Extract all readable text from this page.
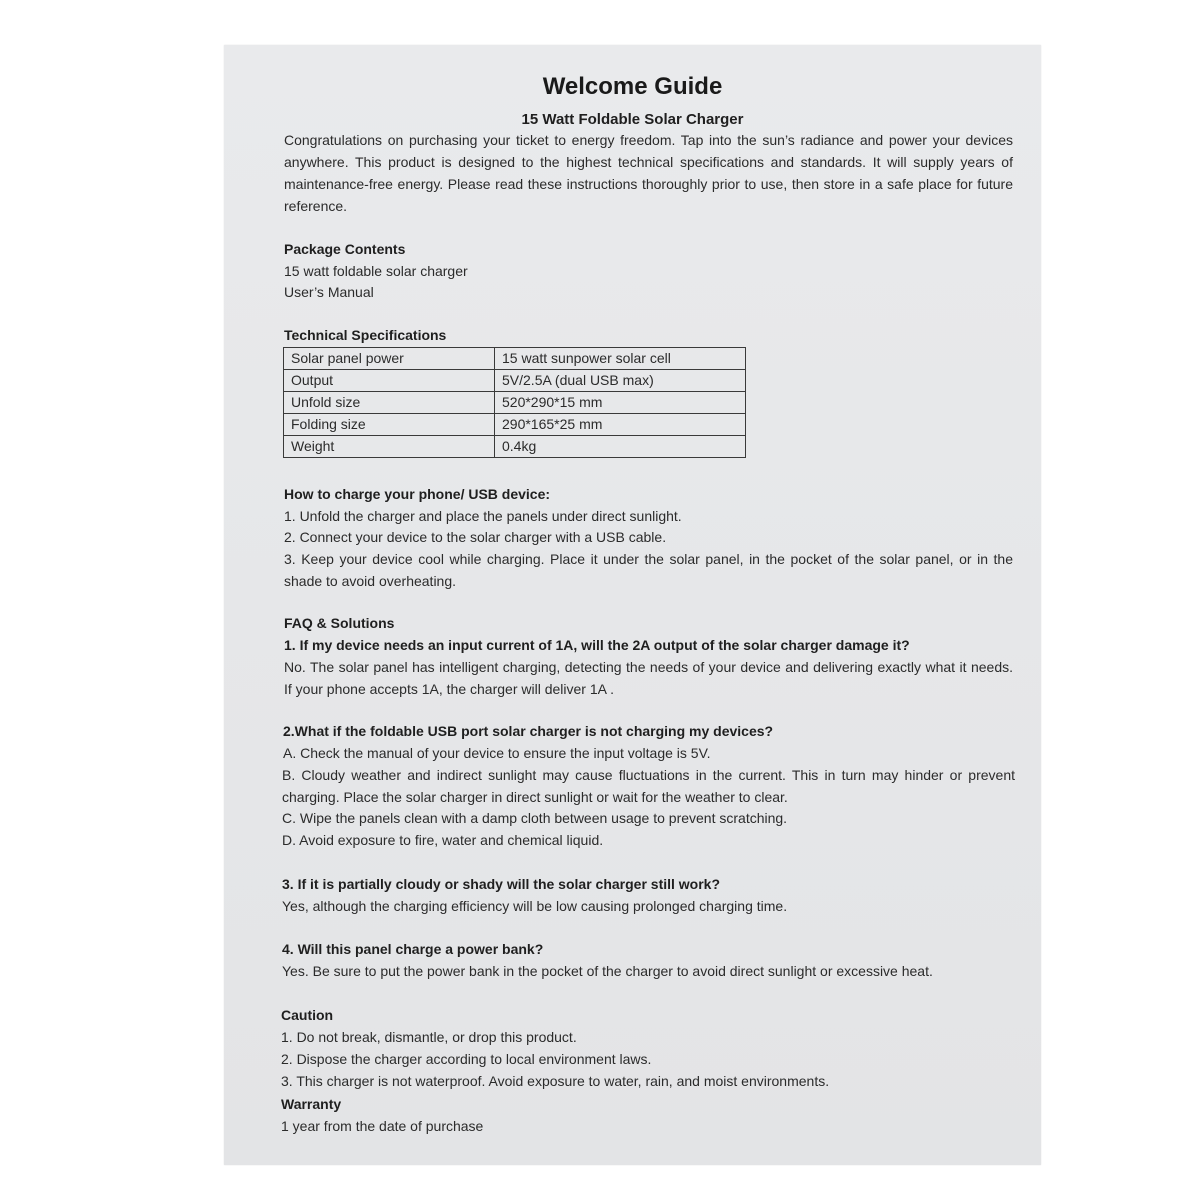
Welcome Guide
15 Watt Foldable Solar Charger
Congratulations on purchasing your ticket to energy freedom. Tap into the sun’s radiance and power your devices anywhere. This product is designed to the highest technical specifications and standards. It will supply years of maintenance-free energy. Please read these instructions thoroughly prior to use, then store in a safe place for future reference.
Package Contents
15 watt foldable solar charger
User’s Manual
Technical Specifications
Solar panel power	15 watt sunpower solar cell
Output	5V/2.5A (dual USB max)
Unfold size	520*290*15 mm
Folding size	290*165*25 mm
Weight	0.4kg
How to charge your phone/ USB device:
1. Unfold the charger and place the panels under direct sunlight.
2. Connect your device to the solar charger with a USB cable.
3. Keep your device cool while charging. Place it under the solar panel, in the pocket of the solar panel, or in the shade to avoid overheating.
FAQ & Solutions
1. If my device needs an input current of 1A, will the 2A output of the solar charger damage it?
No. The solar panel has intelligent charging, detecting the needs of your device and delivering exactly what it needs. If your phone accepts 1A, the charger will deliver 1A .
2.What if the foldable USB port solar charger is not charging my devices?
A. Check the manual of your device to ensure the input voltage is 5V.
B. Cloudy weather and indirect sunlight may cause fluctuations in the current. This in turn may hinder or prevent charging. Place the solar charger in direct sunlight or wait for the weather to clear.
C. Wipe the panels clean with a damp cloth between usage to prevent scratching.
D. Avoid exposure to fire, water and chemical liquid.
3. If it is partially cloudy or shady will the solar charger still work?
Yes, although the charging efficiency will be low causing prolonged charging time.
4. Will this panel charge a power bank?
Yes. Be sure to put the power bank in the pocket of the charger to avoid direct sunlight or excessive heat.
Caution
1. Do not break, dismantle, or drop this product.
2. Dispose the charger according to local environment laws.
3. This charger is not waterproof. Avoid exposure to water, rain, and moist environments.
Warranty
1 year from the date of purchase
